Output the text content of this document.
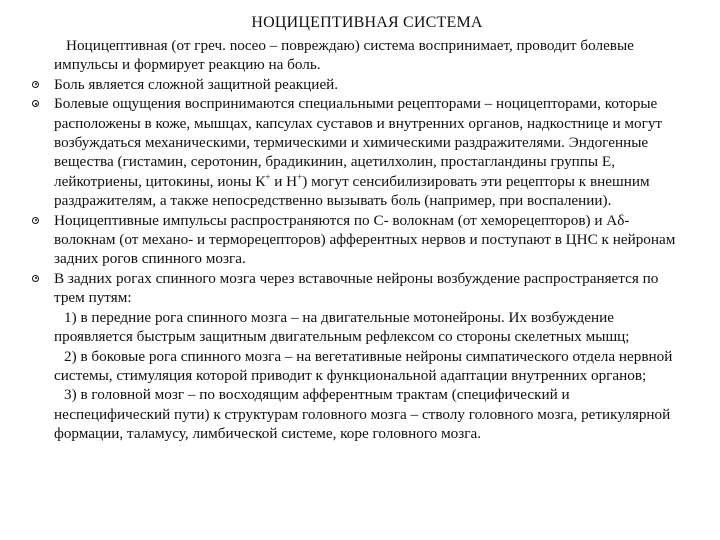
НОЦИЦЕПТИВНАЯ СИСТЕМА

Ноцицептивная (от греч. noceo – повреждаю) система воспринимает, проводит болевые импульсы и формирует реакцию на боль.

Боль является сложной защитной реакцией.
Болевые ощущения воспринимаются специальными рецепторами – ноцицепторами, которые расположены в коже, мышцах, капсулах суставов и внутренних органов, надкостнице и могут возбуждаться механическими, термическими и химическими раздражителями. Эндогенные вещества (гистамин, серотонин, брадикинин, ацетилхолин, простагландины группы Е, лейкотриены, цитокины, ионы К+ и Н+) могут сенсибилизировать эти рецепторы к внешним раздражителям, а также непосредственно вызывать боль (например, при воспалении).
Ноцицептивные импульсы распространяются по С- волокнам (от хеморецепторов) и Аδ-волокнам (от механо- и терморецепторов) афферентных нервов и поступают в ЦНС к нейронам задних рогов спинного мозга.
В задних рогах спинного мозга через вставочные нейроны возбуждение распространяется по трем путям:

1) в передние рога спинного мозга – на двигательные мотонейроны. Их возбуждение проявляется быстрым защитным двигательным рефлексом со стороны скелетных мышц;

2) в боковые рога спинного мозга – на вегетативные нейроны симпатического отдела нервной системы, стимуляция которой приводит к функциональной адаптации внутренних органов;

3) в головной мозг – по восходящим афферентным трактам (специфический и неспецифический пути) к структурам головного мозга – стволу головного мозга, ретикулярной формации, таламусу, лимбической системе, коре головного мозга.
